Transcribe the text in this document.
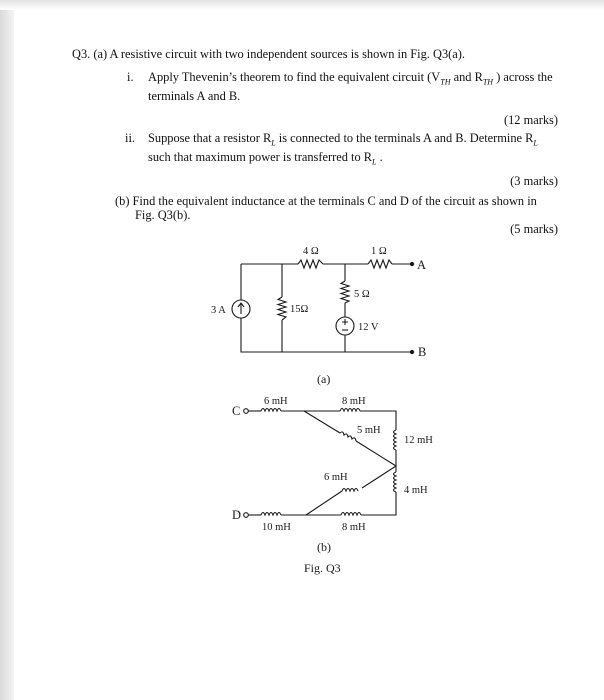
Q3. (a) A resistive circuit with two independent sources is shown in Fig. Q3(a).
i. Apply Thevenin’s theorem to find the equivalent circuit ($V_{TH}$ and $R_{TH}$ ) across the
terminals A and B.
(12 marks)
ii. Suppose that a resistor $R_L$ is connected to the terminals A and B. Determine $R_L$
such that maximum power is transferred to $R_L$ .
(3 marks)
(b) Find the equivalent inductance at the terminals C and D of the circuit as shown in
Fig. Q3(b).
(5 marks)
4 Ω	1 Ω
5 Ω
15Ω
3 A
12 V
A
B
(a)
6 mH	8 mH
5 mH
12 mH
6 mH
4 mH
10 mH	8 mH
C
D
(b)
Fig. Q3
